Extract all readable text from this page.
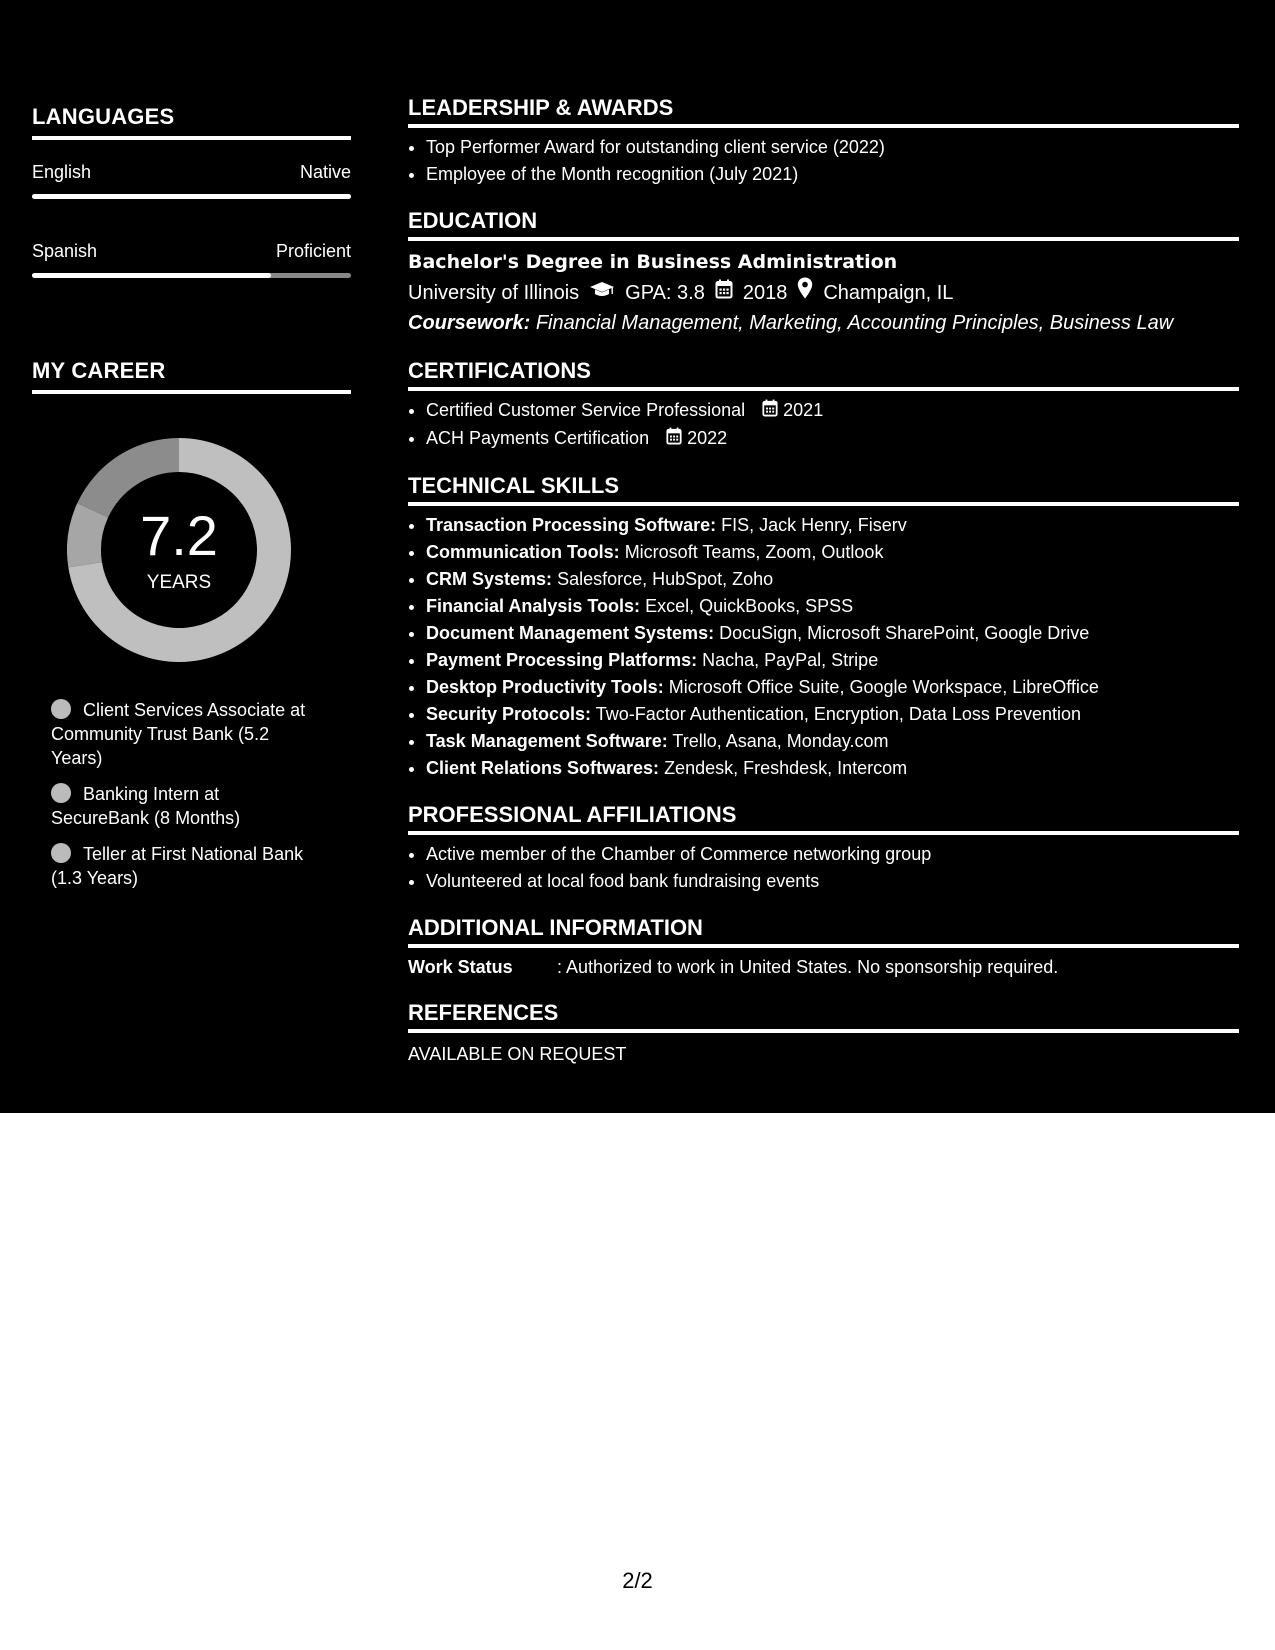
LANGUAGES
English	Native
Spanish	Proficient
MY CAREER
7.2
YEARS
Client Services Associate at Community Trust Bank (5.2 Years)
Banking Intern at SecureBank (8 Months)
Teller at First National Bank (1.3 Years)
LEADERSHIP & AWARDS
• Top Performer Award for outstanding client service (2022)
• Employee of the Month recognition (July 2021)
EDUCATION
Bachelor's Degree in Business Administration
University of Illinois GPA: 3.8 2018 Champaign, IL
Coursework: Financial Management, Marketing, Accounting Principles, Business Law
CERTIFICATIONS
• Certified Customer Service Professional 2021
• ACH Payments Certification 2022
TECHNICAL SKILLS
• Transaction Processing Software: FIS, Jack Henry, Fiserv
• Communication Tools: Microsoft Teams, Zoom, Outlook
• CRM Systems: Salesforce, HubSpot, Zoho
• Financial Analysis Tools: Excel, QuickBooks, SPSS
• Document Management Systems: DocuSign, Microsoft SharePoint, Google Drive
• Payment Processing Platforms: Nacha, PayPal, Stripe
• Desktop Productivity Tools: Microsoft Office Suite, Google Workspace, LibreOffice
• Security Protocols: Two-Factor Authentication, Encryption, Data Loss Prevention
• Task Management Software: Trello, Asana, Monday.com
• Client Relations Softwares: Zendesk, Freshdesk, Intercom
PROFESSIONAL AFFILIATIONS
• Active member of the Chamber of Commerce networking group
• Volunteered at local food bank fundraising events
ADDITIONAL INFORMATION
Work Status	: Authorized to work in United States. No sponsorship required.
REFERENCES
AVAILABLE ON REQUEST
2/2
